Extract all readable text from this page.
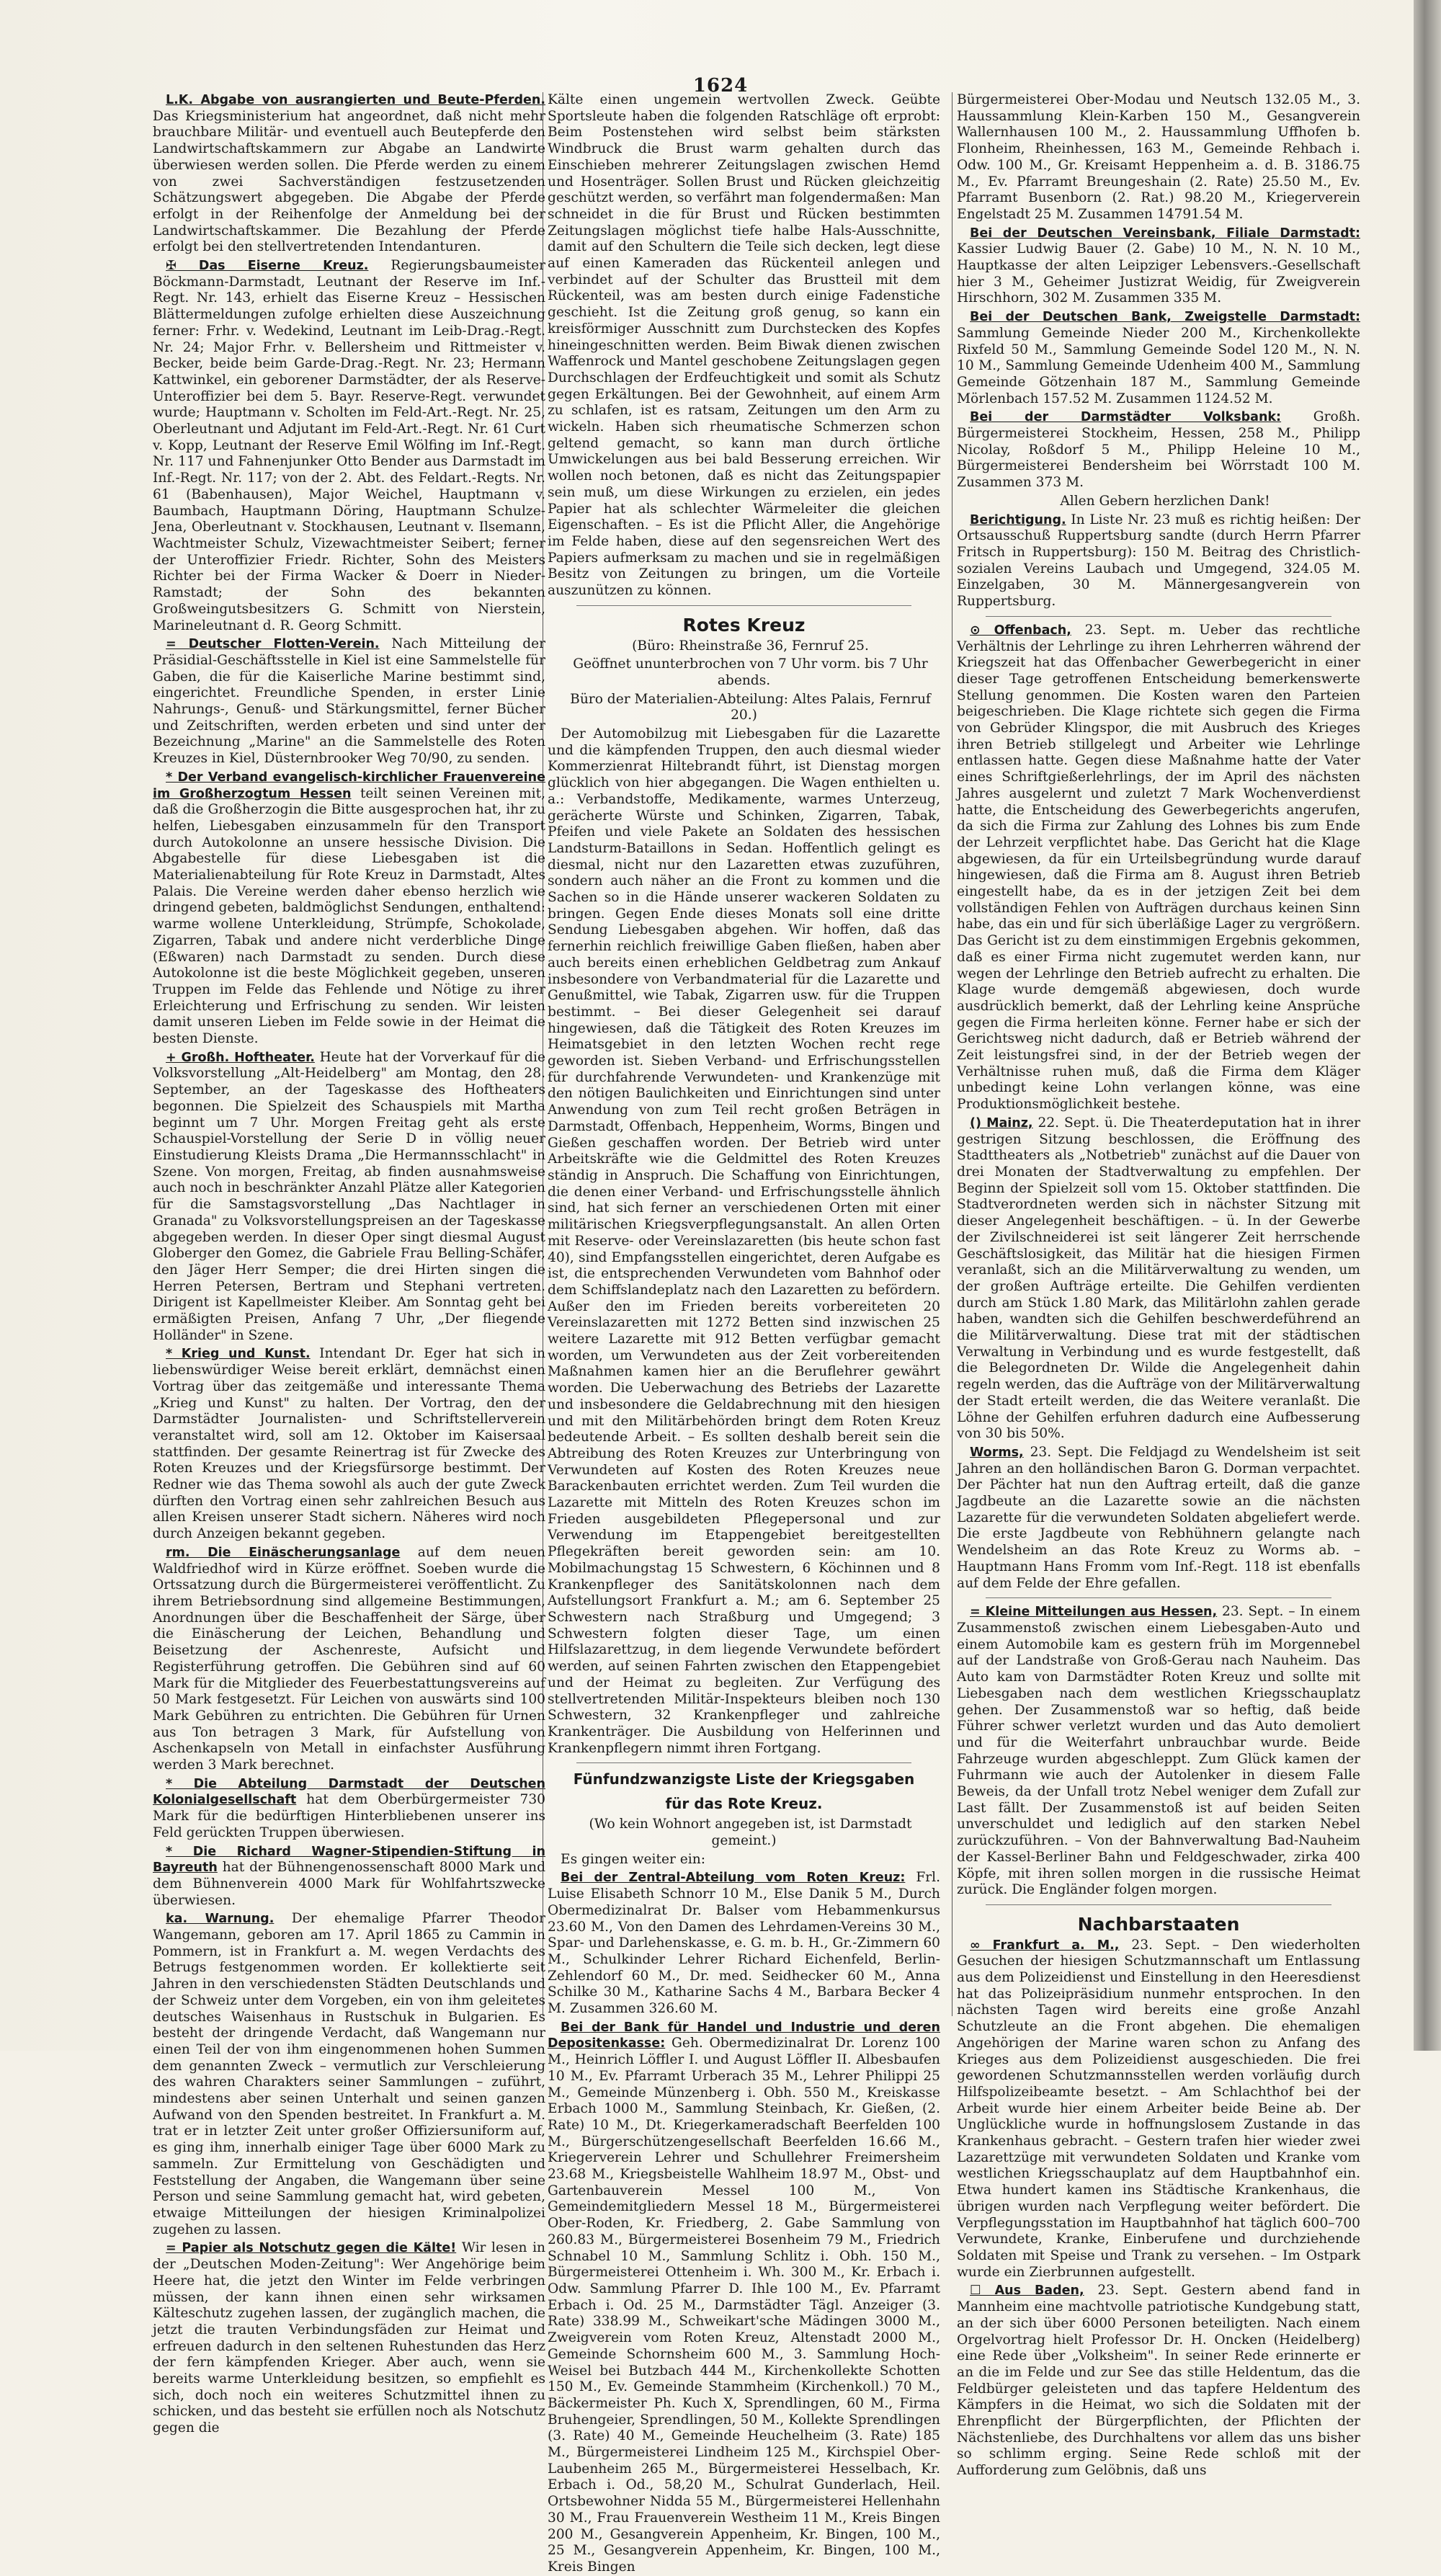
1624

L.K. Abgabe von ausrangierten und Beute-Pferden. Das Kriegsministerium hat angeordnet, daß nicht mehr brauchbare Militär- und eventuell auch Beutepferde den Landwirtschaftskammern zur Abgabe an Landwirte überwiesen werden sollen. Die Pferde werden zu einem von zwei Sachverständigen festzusetzenden Schätzungswert abgegeben. Die Abgabe der Pferde erfolgt in der Reihenfolge der Anmeldung bei der Landwirtschaftskammer. Die Bezahlung der Pferde erfolgt bei den stellvertretenden Intendanturen.

✠ Das Eiserne Kreuz. Regierungsbaumeister Böckmann-Darmstadt, Leutnant der Reserve im Inf.-Regt. Nr. 143, erhielt das Eiserne Kreuz – Hessischen Blättermeldungen zufolge erhielten diese Auszeichnung ferner: Frhr. v. Wedekind, Leutnant im Leib-Drag.-Regt. Nr. 24; Major Frhr. v. Bellersheim und Rittmeister v. Becker, beide beim Garde-Drag.-Regt. Nr. 23; Hermann Kattwinkel, ein geborener Darmstädter, der als Reserve-Unteroffizier bei dem 5. Bayr. Reserve-Regt. verwundet wurde; Hauptmann v. Scholten im Feld-Art.-Regt. Nr. 25, Oberleutnant und Adjutant im Feld-Art.-Regt. Nr. 61 Curt v. Kopp, Leutnant der Reserve Emil Wölfing im Inf.-Regt. Nr. 117 und Fahnenjunker Otto Bender aus Darmstadt im Inf.-Regt. Nr. 117; von der 2. Abt. des Feldart.-Regts. Nr. 61 (Babenhausen), Major Weichel, Hauptmann v. Baumbach, Hauptmann Döring, Hauptmann Schulze-Jena, Oberleutnant v. Stockhausen, Leutnant v. Ilsemann, Wachtmeister Schulz, Vizewachtmeister Seibert; ferner der Unteroffizier Friedr. Richter, Sohn des Meisters Richter bei der Firma Wacker & Doerr in Nieder-Ramstadt; der Sohn des bekannten Großweingutsbesitzers G. Schmitt von Nierstein, Marineleutnant d. R. Georg Schmitt.

= Deutscher Flotten-Verein. Nach Mitteilung der Präsidial-Geschäftsstelle in Kiel ist eine Sammelstelle für Gaben, die für die Kaiserliche Marine bestimmt sind, eingerichtet. Freundliche Spenden, in erster Linie Nahrungs-, Genuß- und Stärkungsmittel, ferner Bücher und Zeitschriften, werden erbeten und sind unter der Bezeichnung „Marine" an die Sammelstelle des Roten Kreuzes in Kiel, Düsternbrooker Weg 70/90, zu senden.

* Der Verband evangelisch-kirchlicher Frauenvereine im Großherzogtum Hessen teilt seinen Vereinen mit, daß die Großherzogin die Bitte ausgesprochen hat, ihr zu helfen, Liebesgaben einzusammeln für den Transport durch Autokolonne an unsere hessische Division. Die Abgabestelle für diese Liebesgaben ist die Materialienabteilung für Rote Kreuz in Darmstadt, Altes Palais. Die Vereine werden daher ebenso herzlich wie dringend gebeten, baldmöglichst Sendungen, enthaltend: warme wollene Unterkleidung, Strümpfe, Schokolade, Zigarren, Tabak und andere nicht verderbliche Dinge (Eßwaren) nach Darmstadt zu senden. Durch diese Autokolonne ist die beste Möglichkeit gegeben, unseren Truppen im Felde das Fehlende und Nötige zu ihrer Erleichterung und Erfrischung zu senden. Wir leisten damit unseren Lieben im Felde sowie in der Heimat die besten Dienste.

+ Großh. Hoftheater. Heute hat der Vorverkauf für die Volksvorstellung „Alt-Heidelberg" am Montag, den 28. September, an der Tageskasse des Hoftheaters begonnen. Die Spielzeit des Schauspiels mit Martha beginnt um 7 Uhr. Morgen Freitag geht als erste Schauspiel-Vorstellung der Serie D in völlig neuer Einstudierung Kleists Drama „Die Hermannsschlacht" in Szene. Von morgen, Freitag, ab finden ausnahmsweise auch noch in beschränkter Anzahl Plätze aller Kategorien für die Samstagsvorstellung „Das Nachtlager in Granada" zu Volksvorstellungspreisen an der Tageskasse abgegeben werden. In dieser Oper singt diesmal August Globerger den Gomez, die Gabriele Frau Belling-Schäfer, den Jäger Herr Semper; die drei Hirten singen die Herren Petersen, Bertram und Stephani vertreten. Dirigent ist Kapellmeister Kleiber. Am Sonntag geht bei ermäßigten Preisen, Anfang 7 Uhr, „Der fliegende Holländer" in Szene.

* Krieg und Kunst. Intendant Dr. Eger hat sich in liebenswürdiger Weise bereit erklärt, demnächst einen Vortrag über das zeitgemäße und interessante Thema „Krieg und Kunst" zu halten. Der Vortrag, den der Darmstädter Journalisten- und Schriftstellerverein veranstaltet wird, soll am 12. Oktober im Kaisersaal stattfinden. Der gesamte Reinertrag ist für Zwecke des Roten Kreuzes und der Kriegsfürsorge bestimmt. Der Redner wie das Thema sowohl als auch der gute Zweck dürften den Vortrag einen sehr zahlreichen Besuch aus allen Kreisen unserer Stadt sichern. Näheres wird noch durch Anzeigen bekannt gegeben.

rm. Die Einäscherungsanlage auf dem neuen Waldfriedhof wird in Kürze eröffnet. Soeben wurde die Ortssatzung durch die Bürgermeisterei veröffentlicht. Zu ihrem Betriebsordnung sind allgemeine Bestimmungen, Anordnungen über die Beschaffenheit der Särge, über die Einäscherung der Leichen, Behandlung und Beisetzung der Aschenreste, Aufsicht und Registerführung getroffen. Die Gebühren sind auf 60 Mark für die Mitglieder des Feuerbestattungsvereins auf 50 Mark festgesetzt. Für Leichen von auswärts sind 100 Mark Gebühren zu entrichten. Die Gebühren für Urnen aus Ton betragen 3 Mark, für Aufstellung von Aschenkapseln von Metall in einfachster Ausführung werden 3 Mark berechnet.

* Die Abteilung Darmstadt der Deutschen Kolonialgesellschaft hat dem Oberbürgermeister 730 Mark für die bedürftigen Hinterbliebenen unserer ins Feld gerückten Truppen überwiesen.

* Die Richard Wagner-Stipendien-Stiftung in Bayreuth hat der Bühnengenossenschaft 8000 Mark und dem Bühnenverein 4000 Mark für Wohlfahrtszwecke überwiesen.

ka. Warnung. Der ehemalige Pfarrer Theodor Wangemann, geboren am 17. April 1865 zu Cammin in Pommern, ist in Frankfurt a. M. wegen Verdachts des Betrugs festgenommen worden. Er kollektierte seit Jahren in den verschiedensten Städten Deutschlands und der Schweiz unter dem Vorgeben, ein von ihm geleitetes deutsches Waisenhaus in Rustschuk in Bulgarien. Es besteht der dringende Verdacht, daß Wangemann nur einen Teil der von ihm eingenommenen hohen Summen dem genannten Zweck – vermutlich zur Verschleierung des wahren Charakters seiner Sammlungen – zuführt, mindestens aber seinen Unterhalt und seinen ganzen Aufwand von den Spenden bestreitet. In Frankfurt a. M. trat er in letzter Zeit unter großer Offiziersuniform auf, es ging ihm, innerhalb einiger Tage über 6000 Mark zu sammeln. Zur Ermittelung von Geschädigten und Feststellung der Angaben, die Wangemann über seine Person und seine Sammlung gemacht hat, wird gebeten, etwaige Mitteilungen der hiesigen Kriminalpolizei zugehen zu lassen.

= Papier als Notschutz gegen die Kälte! Wir lesen in der „Deutschen Moden-Zeitung": Wer Angehörige beim Heere hat, die jetzt den Winter im Felde verbringen müssen, der kann ihnen einen sehr wirksamen Kälteschutz zugehen lassen, der zugänglich machen, die jetzt die trauten Verbindungsfäden zur Heimat und erfreuen dadurch in den seltenen Ruhestunden das Herz der fern kämpfenden Krieger. Aber auch, wenn sie bereits warme Unterkleidung besitzen, so empfiehlt es sich, doch noch ein weiteres Schutzmittel ihnen zu schicken, und das besteht sie erfüllen noch als Notschutz gegen die

Kälte einen ungemein wertvollen Zweck. Geübte Sportsleute haben die folgenden Ratschläge oft erprobt: Beim Postenstehen wird selbst beim stärksten Windbruck die Brust warm gehalten durch das Einschieben mehrerer Zeitungslagen zwischen Hemd und Hosenträger. Sollen Brust und Rücken gleichzeitig geschützt werden, so verfährt man folgendermaßen: Man schneidet in die für Brust und Rücken bestimmten Zeitungslagen möglichst tiefe halbe Hals-Ausschnitte, damit auf den Schultern die Teile sich decken, legt diese auf einen Kameraden das Rückenteil anlegen und verbindet auf der Schulter das Brustteil mit dem Rückenteil, was am besten durch einige Fadenstiche geschieht. Ist die Zeitung groß genug, so kann ein kreisförmiger Ausschnitt zum Durchstecken des Kopfes hineingeschnitten werden. Beim Biwak dienen zwischen Waffenrock und Mantel geschobene Zeitungslagen gegen Durchschlagen der Erdfeuchtigkeit und somit als Schutz gegen Erkältungen. Bei der Gewohnheit, auf einem Arm zu schlafen, ist es ratsam, Zeitungen um den Arm zu wickeln. Haben sich rheumatische Schmerzen schon geltend gemacht, so kann man durch örtliche Umwickelungen aus bei bald Besserung erreichen. Wir wollen noch betonen, daß es nicht das Zeitungspapier sein muß, um diese Wirkungen zu erzielen, ein jedes Papier hat als schlechter Wärmeleiter die gleichen Eigenschaften. – Es ist die Pflicht Aller, die Angehörige im Felde haben, diese auf den segensreichen Wert des Papiers aufmerksam zu machen und sie in regelmäßigen Besitz von Zeitungen zu bringen, um die Vorteile auszunützen zu können.

Rotes Kreuz

(Büro: Rheinstraße 36, Fernruf 25.

Geöffnet ununterbrochen von 7 Uhr vorm. bis 7 Uhr abends.

Büro der Materialien-Abteilung: Altes Palais, Fernruf 20.)

Der Automobilzug mit Liebesgaben für die Lazarette und die kämpfenden Truppen, den auch diesmal wieder Kommerzienrat Hiltebrandt führt, ist Dienstag morgen glücklich von hier abgegangen. Die Wagen enthielten u. a.: Verbandstoffe, Medikamente, warmes Unterzeug, gerächerte Würste und Schinken, Zigarren, Tabak, Pfeifen und viele Pakete an Soldaten des hessischen Landsturm-Bataillons in Sedan. Hoffentlich gelingt es diesmal, nicht nur den Lazaretten etwas zuzuführen, sondern auch näher an die Front zu kommen und die Sachen so in die Hände unserer wackeren Soldaten zu bringen. Gegen Ende dieses Monats soll eine dritte Sendung Liebesgaben abgehen. Wir hoffen, daß das fernerhin reichlich freiwillige Gaben fließen, haben aber auch bereits einen erheblichen Geldbetrag zum Ankauf insbesondere von Verbandmaterial für die Lazarette und Genußmittel, wie Tabak, Zigarren usw. für die Truppen bestimmt. – Bei dieser Gelegenheit sei darauf hingewiesen, daß die Tätigkeit des Roten Kreuzes im Heimatsgebiet in den letzten Wochen recht rege geworden ist. Sieben Verband- und Erfrischungsstellen für durchfahrende Verwundeten- und Krankenzüge mit den nötigen Baulichkeiten und Einrichtungen sind unter Anwendung von zum Teil recht großen Beträgen in Darmstadt, Offenbach, Heppenheim, Worms, Bingen und Gießen geschaffen worden. Der Betrieb wird unter Arbeitskräfte wie die Geldmittel des Roten Kreuzes ständig in Anspruch. Die Schaffung von Einrichtungen, die denen einer Verband- und Erfrischungsstelle ähnlich sind, hat sich ferner an verschiedenen Orten mit einer militärischen Kriegsverpflegungsanstalt. An allen Orten mit Reserve- oder Vereinslazaretten (bis heute schon fast 40), sind Empfangsstellen eingerichtet, deren Aufgabe es ist, die entsprechenden Verwundeten vom Bahnhof oder dem Schiffslandeplatz nach den Lazaretten zu befördern. Außer den im Frieden bereits vorbereiteten 20 Vereinslazaretten mit 1272 Betten sind inzwischen 25 weitere Lazarette mit 912 Betten verfügbar gemacht worden, um Verwundeten aus der Zeit vorbereitenden Maßnahmen kamen hier an die Beruflehrer gewährt worden. Die Ueberwachung des Betriebs der Lazarette und insbesondere die Geldabrechnung mit den hiesigen und mit den Militärbehörden bringt dem Roten Kreuz bedeutende Arbeit. – Es sollten deshalb bereit sein die Abtreibung des Roten Kreuzes zur Unterbringung von Verwundeten auf Kosten des Roten Kreuzes neue Barackenbauten errichtet werden. Zum Teil wurden die Lazarette mit Mitteln des Roten Kreuzes schon im Frieden ausgebildeten Pflegepersonal und zur Verwendung im Etappengebiet bereitgestellten Pflegekräften bereit geworden sein: am 10. Mobilmachungstag 15 Schwestern, 6 Köchinnen und 8 Krankenpfleger des Sanitätskolonnen nach dem Aufstellungsort Frankfurt a. M.; am 6. September 25 Schwestern nach Straßburg und Umgegend; 3 Schwestern folgten dieser Tage, um einen Hilfslazarettzug, in dem liegende Verwundete befördert werden, auf seinen Fahrten zwischen den Etappengebiet und der Heimat zu begleiten. Zur Verfügung des stellvertretenden Militär-Inspekteurs bleiben noch 130 Schwestern, 32 Krankenpfleger und zahlreiche Krankenträger. Die Ausbildung von Helferinnen und Krankenpflegern nimmt ihren Fortgang.

Fünfundzwanzigste Liste der Kriegsgaben
für das Rote Kreuz.

(Wo kein Wohnort angegeben ist, ist Darmstadt gemeint.)

Es gingen weiter ein:

Bei der Zentral-Abteilung vom Roten Kreuz: Frl. Luise Elisabeth Schnorr 10 M., Else Danik 5 M., Durch Obermedizinalrat Dr. Balser vom Hebammenkursus 23.60 M., Von den Damen des Lehrdamen-Vereins 30 M., Spar- und Darlehenskasse, e. G. m. b. H., Gr.-Zimmern 60 M., Schulkinder Lehrer Richard Eichenfeld, Berlin-Zehlendorf 60 M., Dr. med. Seidhecker 60 M., Anna Schilke 30 M., Katharine Sachs 4 M., Barbara Becker 4 M. Zusammen 326.60 M.

Bei der Bank für Handel und Industrie und deren Depositenkasse: Geh. Obermedizinalrat Dr. Lorenz 100 M., Heinrich Löffler I. und August Löffler II. Albesbaufen 10 M., Ev. Pfarramt Urberach 35 M., Lehrer Philippi 25 M., Gemeinde Münzenberg i. Obh. 550 M., Kreiskasse Erbach 1000 M., Sammlung Steinbach, Kr. Gießen, (2. Rate) 10 M., Dt. Kriegerkameradschaft Beerfelden 100 M., Bürgerschützengesellschaft Beerfelden 16.66 M., Kriegerverein Lehrer und Schullehrer Freimersheim 23.68 M., Kriegsbeistelle Wahlheim 18.97 M., Obst- und Gartenbauverein Messel 100 M., Von Gemeindemitgliedern Messel 18 M., Bürgermeisterei Ober-Roden, Kr. Friedberg, 2. Gabe Sammlung von 260.83 M., Bürgermeisterei Bosenheim 79 M., Friedrich Schnabel 10 M., Sammlung Schlitz i. Obh. 150 M., Bürgermeisterei Ottenheim i. Wh. 300 M., Kr. Erbach i. Odw. Sammlung Pfarrer D. Ihle 100 M., Ev. Pfarramt Erbach i. Od. 25 M., Darmstädter Tägl. Anzeiger (3. Rate) 338.99 M., Schweikart'sche Mädingen 3000 M., Zweigverein vom Roten Kreuz, Altenstadt 2000 M., Gemeinde Schornsheim 600 M., 3. Sammlung Hoch-Weisel bei Butzbach 444 M., Kirchenkollekte Schotten 150 M., Ev. Gemeinde Stammheim (Kirchenkoll.) 70 M., Bäckermeister Ph. Kuch X, Sprendlingen, 60 M., Firma Bruhengeier, Sprendlingen, 50 M., Kollekte Sprendlingen (3. Rate) 40 M., Gemeinde Heuchelheim (3. Rate) 185 M., Bürgermeisterei Lindheim 125 M., Kirchspiel Ober-Laubenheim 265 M., Bürgermeisterei Hesselbach, Kr. Erbach i. Od., 58,20 M., Schulrat Gunderlach, Heil. Ortsbewohner Nidda 55 M., Bürgermeisterei Hellenhahn 30 M., Frau Frauenverein Westheim 11 M., Kreis Bingen 200 M., Gesangverein Appenheim, Kr. Bingen, 100 M., 25 M., Gesangverein Appenheim, Kr. Bingen, 100 M., Kreis Bingen

Bürgermeisterei Ober-Modau und Neutsch 132.05 M., 3. Haussammlung Klein-Karben 150 M., Gesangverein Wallernhausen 100 M., 2. Haussammlung Uffhofen b. Flonheim, Rheinhessen, 163 M., Gemeinde Rehbach i. Odw. 100 M., Gr. Kreisamt Heppenheim a. d. B. 3186.75 M., Ev. Pfarramt Breungeshain (2. Rate) 25.50 M., Ev. Pfarramt Busenborn (2. Rat.) 98.20 M., Kriegerverein Engelstadt 25 M. Zusammen 14791.54 M.

Bei der Deutschen Vereinsbank, Filiale Darmstadt: Kassier Ludwig Bauer (2. Gabe) 10 M., N. N. 10 M., Hauptkasse der alten Leipziger Lebensvers.-Gesellschaft hier 3 M., Geheimer Justizrat Weidig, für Zweigverein Hirschhorn, 302 M. Zusammen 335 M.

Bei der Deutschen Bank, Zweigstelle Darmstadt: Sammlung Gemeinde Nieder 200 M., Kirchenkollekte Rixfeld 50 M., Sammlung Gemeinde Sodel 120 M., N. N. 10 M., Sammlung Gemeinde Udenheim 400 M., Sammlung Gemeinde Götzenhain 187 M., Sammlung Gemeinde Mörlenbach 157.52 M. Zusammen 1124.52 M.

Bei der Darmstädter Volksbank: Großh. Bürgermeisterei Stockheim, Hessen, 258 M., Philipp Nicolay, Roßdorf 5 M., Philipp Heleine 10 M., Bürgermeisterei Bendersheim bei Wörrstadt 100 M. Zusammen 373 M.

Allen Gebern herzlichen Dank!

Berichtigung. In Liste Nr. 23 muß es richtig heißen: Der Ortsausschuß Ruppertsburg sandte (durch Herrn Pfarrer Fritsch in Ruppertsburg): 150 M. Beitrag des Christlich-sozialen Vereins Laubach und Umgegend, 324.05 M. Einzelgaben, 30 M. Männergesangverein von Ruppertsburg.

⊙ Offenbach, 23. Sept. m. Ueber das rechtliche Verhältnis der Lehrlinge zu ihren Lehrherren während der Kriegszeit hat das Offenbacher Gewerbegericht in einer dieser Tage getroffenen Entscheidung bemerkenswerte Stellung genommen. Die Kosten waren den Parteien beigeschrieben. Die Klage richtete sich gegen die Firma von Gebrüder Klingspor, die mit Ausbruch des Krieges ihren Betrieb stillgelegt und Arbeiter wie Lehrlinge entlassen hatte. Gegen diese Maßnahme hatte der Vater eines Schriftgießerlehrlings, der im April des nächsten Jahres ausgelernt und zuletzt 7 Mark Wochenverdienst hatte, die Entscheidung des Gewerbegerichts angerufen, da sich die Firma zur Zahlung des Lohnes bis zum Ende der Lehrzeit verpflichtet habe. Das Gericht hat die Klage abgewiesen, da für ein Urteilsbegründung wurde darauf hingewiesen, daß die Firma am 8. August ihren Betrieb eingestellt habe, da es in der jetzigen Zeit bei dem vollständigen Fehlen von Aufträgen durchaus keinen Sinn habe, das ein und für sich überläßige Lager zu vergrößern. Das Gericht ist zu dem einstimmigen Ergebnis gekommen, daß es einer Firma nicht zugemutet werden kann, nur wegen der Lehrlinge den Betrieb aufrecht zu erhalten. Die Klage wurde demgemäß abgewiesen, doch wurde ausdrücklich bemerkt, daß der Lehrling keine Ansprüche gegen die Firma herleiten könne. Ferner habe er sich der Gerichtsweg nicht dadurch, daß er Betrieb während der Zeit leistungsfrei sind, in der der Betrieb wegen der Verhältnisse ruhen muß, daß die Firma dem Kläger unbedingt keine Lohn verlangen könne, was eine Produktionsmöglichkeit bestehe.

() Mainz, 22. Sept. ü. Die Theaterdeputation hat in ihrer gestrigen Sitzung beschlossen, die Eröffnung des Stadttheaters als „Notbetrieb" zunächst auf die Dauer von drei Monaten der Stadtverwaltung zu empfehlen. Der Beginn der Spielzeit soll vom 15. Oktober stattfinden. Die Stadtverordneten werden sich in nächster Sitzung mit dieser Angelegenheit beschäftigen. – ü. In der Gewerbe der Zivilschneiderei ist seit längerer Zeit herrschende Geschäftslosigkeit, das Militär hat die hiesigen Firmen veranlaßt, sich an die Militärverwaltung zu wenden, um der großen Aufträge erteilte. Die Gehilfen verdienten durch am Stück 1.80 Mark, das Militärlohn zahlen gerade haben, wandten sich die Gehilfen beschwerdeführend an die Militärverwaltung. Diese trat mit der städtischen Verwaltung in Verbindung und es wurde festgestellt, daß die Belegordneten Dr. Wilde die Angelegenheit dahin regeln werden, das die Aufträge von der Militärverwaltung der Stadt erteilt werden, die das Weitere veranlaßt. Die Löhne der Gehilfen erfuhren dadurch eine Aufbesserung von 30 bis 50%.

Worms, 23. Sept. Die Feldjagd zu Wendelsheim ist seit Jahren an den holländischen Baron G. Dorman verpachtet. Der Pächter hat nun den Auftrag erteilt, daß die ganze Jagdbeute an die Lazarette sowie an die nächsten Lazarette für die verwundeten Soldaten abgeliefert werde. Die erste Jagdbeute von Rebhühnern gelangte nach Wendelsheim an das Rote Kreuz zu Worms ab. – Hauptmann Hans Fromm vom Inf.-Regt. 118 ist ebenfalls auf dem Felde der Ehre gefallen.

= Kleine Mitteilungen aus Hessen, 23. Sept. – In einem Zusammenstoß zwischen einem Liebesgaben-Auto und einem Automobile kam es gestern früh im Morgennebel auf der Landstraße von Groß-Gerau nach Nauheim. Das Auto kam von Darmstädter Roten Kreuz und sollte mit Liebesgaben nach dem westlichen Kriegsschauplatz gehen. Der Zusammenstoß war so heftig, daß beide Führer schwer verletzt wurden und das Auto demoliert und für die Weiterfahrt unbrauchbar wurde. Beide Fahrzeuge wurden abgeschleppt. Zum Glück kamen der Fuhrmann wie auch der Autolenker in diesem Falle Beweis, da der Unfall trotz Nebel weniger dem Zufall zur Last fällt. Der Zusammenstoß ist auf beiden Seiten unverschuldet und lediglich auf den starken Nebel zurückzuführen. – Von der Bahnverwaltung Bad-Nauheim der Kassel-Berliner Bahn und Feldgeschwader, zirka 400 Köpfe, mit ihren sollen morgen in die russische Heimat zurück. Die Engländer folgen morgen.

Nachbarstaaten

∞ Frankfurt a. M., 23. Sept. – Den wiederholten Gesuchen der hiesigen Schutzmannschaft um Entlassung aus dem Polizeidienst und Einstellung in den Heeresdienst hat das Polizeipräsidium nunmehr entsprochen. In den nächsten Tagen wird bereits eine große Anzahl Schutzleute an die Front abgehen. Die ehemaligen Angehörigen der Marine waren schon zu Anfang des Krieges aus dem Polizeidienst ausgeschieden. Die frei gewordenen Schutzmannsstellen werden vorläufig durch Hilfspolizeibeamte besetzt. – Am Schlachthof bei der Arbeit wurde hier einem Arbeiter beide Beine ab. Der Unglückliche wurde in hoffnungslosem Zustande in das Krankenhaus gebracht. – Gestern trafen hier wieder zwei Lazarettzüge mit verwundeten Soldaten und Kranke vom westlichen Kriegsschauplatz auf dem Hauptbahnhof ein. Etwa hundert kamen ins Städtische Krankenhaus, die übrigen wurden nach Verpflegung weiter befördert. Die Verpflegungsstation im Hauptbahnhof hat täglich 600–700 Verwundete, Kranke, Einberufene und durchziehende Soldaten mit Speise und Trank zu versehen. – Im Ostpark wurde ein Zierbrunnen aufgestellt.

☐ Aus Baden, 23. Sept. Gestern abend fand in Mannheim eine machtvolle patriotische Kundgebung statt, an der sich über 6000 Personen beteiligten. Nach einem Orgelvortrag hielt Professor Dr. H. Oncken (Heidelberg) eine Rede über „Volksheim". In seiner Rede erinnerte er an die im Felde und zur See das stille Heldentum, das die Feldbürger geleisteten und das tapfere Heldentum des Kämpfers in die Heimat, wo sich die Soldaten mit der Ehrenpflicht der Bürgerpflichten, der Pflichten der Nächstenliebe, des Durchhaltens vor allem das uns bisher so schlimm erging. Seine Rede schloß mit der Aufforderung zum Gelöbnis, daß uns
